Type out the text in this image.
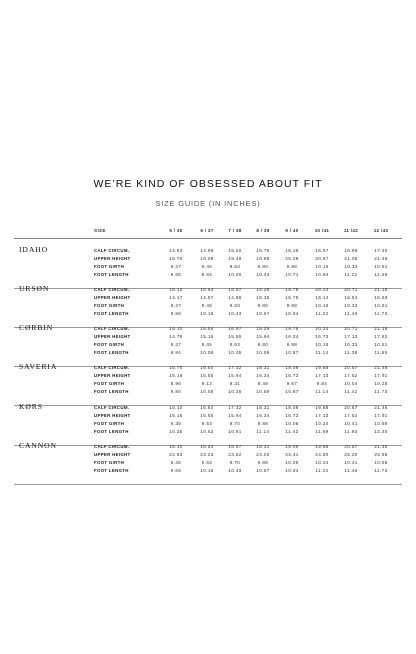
WE’RE KIND OF OBSESSED ABOUT FIT
SIZE GUIDE (IN INCHES)
SIZE	5 / 36	6 / 37	7 / 38	8 / 39	9 / 40	10 /41	11 /42	12 /43
IDAHO	CALF CIRCUM.	14.63	14.99	15.20	15.75	16.15	16.57	16.99	17.40
UPPER HEIGHT	18.70	19.09	19.49	19.88	20.28	20.67	21.06	21.46
FOOT GIRTH	9.27	9.45	9.63	9.80	9.98	10.16	10.33	10.51
FOOT LENGTH	9.65	9.92	10.20	10.43	10.71	10.94	11.22	11.49
URSØN	CALF CIRCUM.	16.10	16.54	16.97	19.29	19.76	20.24	20.71	21.18
UPPER HEIGHT	14.17	14.57	14.96	15.35	15.75	16.14	16.54	16.93
FOOT GIRTH	9.27	9.45	9.63	9.80	9.98	10.16	10.33	10.51
FOOT LENGTH	9.88	10.16	10.43	10.67	10.94	11.22	11.46	11.73
CØRBIN	CALF CIRCUM.	16.10	16.54	16.97	19.29	19.76	20.24	20.71	21.18
UPPER HEIGHT	14.76	15.16	15.55	15.94	16.34	16.73	17.13	17.52
FOOT GIRTH	9.27	9.45	9.63	9.80	9.98	10.16	10.33	10.51
FOOT LENGTH	9.84	10.08	10.35	10.59	10.87	11.14	11.38	11.65
SAVERIA	CALF CIRCUM.	15.75	16.54	17.32	18.31	19.09	19.88	20.67	21.46
UPPER HEIGHT	15.16	15.55	15.94	16.34	16.73	17.13	17.52	17.91
FOOT GIRTH	8.96	9.13	9.31	9.49	9.67	9.84	10.04	10.28
FOOT LENGTH	9.80	10.08	10.35	10.59	10.87	11.14	11.42	11.73
KØRS	CALF CIRCUM.	16.10	16.54	17.32	18.31	19.09	19.88	20.67	21.46
UPPER HEIGHT	15.16	15.55	15.94	16.34	16.73	17.13	17.52	17.91
FOOT GIRTH	9.35	9.53	9.70	9.88	10.06	10.24	10.41	10.59
FOOT LENGTH	10.35	10.63	10.91	11.14	11.42	11.69	11.93	12.20
CANNON	CALF CIRCUM.	16.10	16.54	16.97	18.31	19.09	19.88	20.67	21.46
UPPER HEIGHT	22.83	23.23	23.62	24.02	24.41	24.80	25.20	25.59
FOOT GIRTH	9.35	9.53	9.70	9.88	10.06	10.24	10.41	10.59
FOOT LENGTH	9.69	10.16	10.43	10.67	10.94	11.22	11.46	11.73
